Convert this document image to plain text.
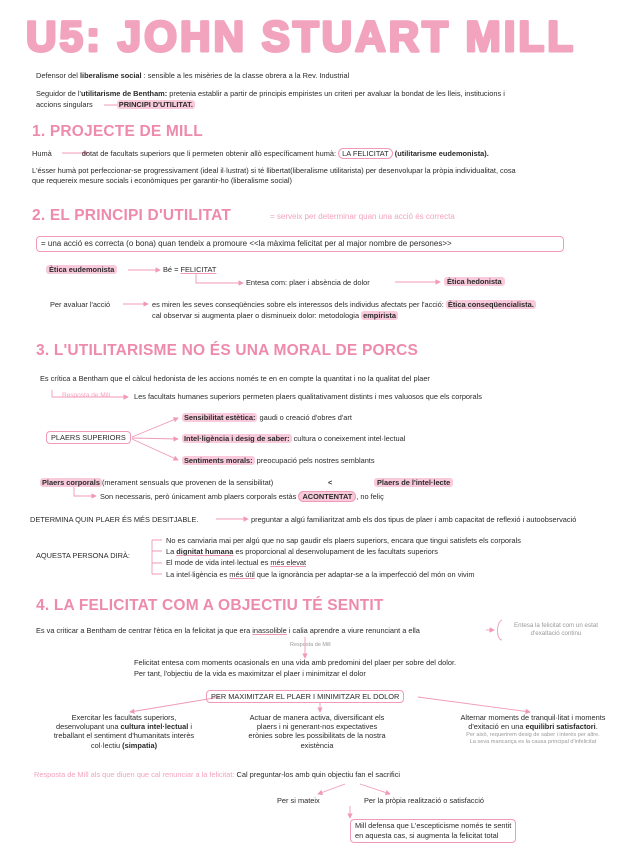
U5: JOHN STUART MILL
Defensor del liberalisme social : sensible a les misèries de la classe obrera a la Rev. Industrial
Seguidor de l'utilitarisme de Bentham: pretenia establir a partir de principis empiristes un criteri per avaluar la bondat de les lleis, institucions i
accions singulars	PRINCIPI D'UTILITAT.
1. PROJECTE DE MILL
Humà	dotat de facultats superiors que li permeten obtenir allò específicament humà: LA FELICITAT (utilitarisme eudemonista).
L'ésser humà pot perfeccionar-se progressivament (ideal il·lustrat) si té llibertat(liberalisme utilitarista) per desenvolupar la pròpia individualitat, cosa
que requereix mesure socials i econòmiques per garantir-ho (liberalisme social)
2. EL PRINCIPI D'UTILITAT	= serveix per determinar quan una acció és correcta
= una acció es correcta (o bona) quan tendeix a promoure <<la màxima felicitat per al major nombre de persones>>
Ètica eudemonista	Bé = FELICITAT
Entesa com: plaer i absència de dolor	Ètica hedonista
Per avaluar l'acció	es miren les seves conseqüències sobre els interessos dels individus afectats per l'acció: Ètica conseqüencialista.
cal observar si augmenta plaer o disminueix dolor: metodologia empirista
3. L'UTILITARISME NO ÉS UNA MORAL DE PORCS
Es crítica a Bentham que el càlcul hedonista de les accions només te en en compte la quantitat i no la qualitat del plaer
Resposta de Mill	Les facultats humanes superiors permeten plaers qualitativament distints i mes valuosos que els corporals
PLAERS SUPERIORS
Sensibilitat estètica: gaudi o creació d'obres d'art
Intel·ligència i desig de saber: cultura o coneixement intel·lectual
Sentiments morals: preocupació pels nostres semblants
Plaers corporals (merament sensuals que provenen de la sensibilitat)	<	Plaers de l'intel·lecte
Son necessaris, però únicament amb plaers corporals estàs ACONTENTAT , no feliç
DETERMINA QUIN PLAER ÉS MÉS DESITJABLE.	preguntar a algú familiaritzat amb els dos tipus de plaer i amb capacitat de reflexió i autoobservació
AQUESTA PERSONA DIRÀ:
No es canviaria mai per algú que no sap gaudir els plaers superiors, encara que tingui satisfets els corporals
La dignitat humana es proporcional al desenvolupament de les facultats superiors
El mode de vida intel·lectual es més elevat
La intel·ligència es més útil que la ignorància per adaptar-se a la imperfecció del món on vivim
4. LA FELICITAT COM A OBJECTIU TÉ SENTIT
Es va criticar a Bentham de centrar l'ètica en la felicitat ja que era inassolible i calia aprendre a viure renunciant a ella
Entesa la felicitat com un estat
d'exaltació continu
Resposta de Mill
Felicitat entesa com moments ocasionals en una vida amb predomini del plaer per sobre del dolor.
Per tant, l'objectiu de la vida es maximitzar el plaer i minimitzar el dolor
PER MAXIMITZAR EL PLAER I MINIMITZAR EL DOLOR
Exercitar les facultats superiors,
desenvolupant una cultura intel·lectual i
treballant el sentiment d'humanitats interès
col·lectiu (simpatia)
Actuar de manera activa, diversificant els
plaers i ni generant-nos expectatives
erònies sobre les possibilitats de la nostra
existència
Alternar moments de tranquil·litat i moments
d'exitació en una equilibri satisfactori.
Per això, requerirem desig de saber i interès per altre.
La seva mancança es la causa principal d'infelicitat
Resposta de Mill als que diuen que cal renunciar a la felicitat: Cal preguntar-los amb quin objectiu fan el sacrifici
Per si mateix	Per la pròpia realització o satisfacció
Mill defensa que L'escepticisme només te sentit
en aquesta cas, si augmenta la felicitat total
